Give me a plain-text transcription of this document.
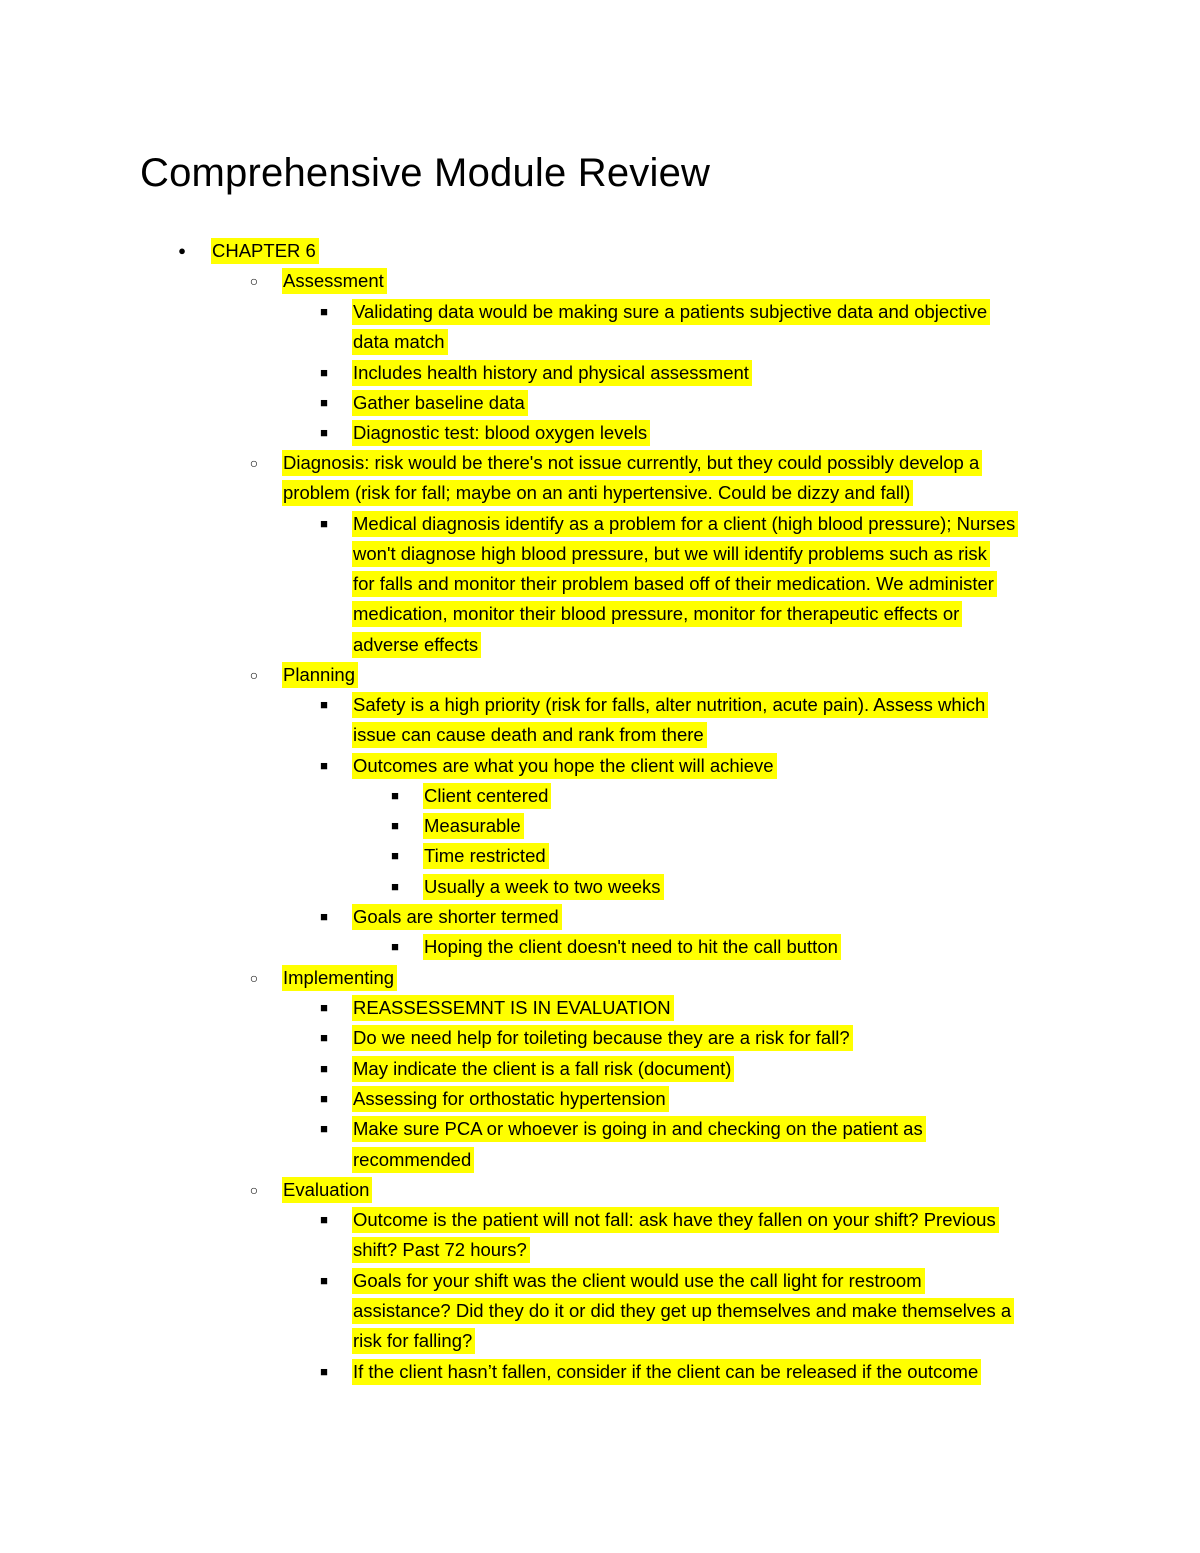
Comprehensive Module Review
●	CHAPTER 6
○	Assessment
■	Validating data would be making sure a patients subjective data and objective
data match
■	Includes health history and physical assessment
■	Gather baseline data
■	Diagnostic test: blood oxygen levels
○	Diagnosis: risk would be there's not issue currently, but they could possibly develop a
problem (risk for fall; maybe on an anti hypertensive. Could be dizzy and fall)
■	Medical diagnosis identify as a problem for a client (high blood pressure); Nurses
won't diagnose high blood pressure, but we will identify problems such as risk
for falls and monitor their problem based off of their medication. We administer
medication, monitor their blood pressure, monitor for therapeutic effects or
adverse effects
○	Planning
■	Safety is a high priority (risk for falls, alter nutrition, acute pain). Assess which
issue can cause death and rank from there
■	Outcomes are what you hope the client will achieve
■	Client centered
■	Measurable
■	Time restricted
■	Usually a week to two weeks
■	Goals are shorter termed
■	Hoping the client doesn't need to hit the call button
○	Implementing
■	REASSESSEMNT IS IN EVALUATION
■	Do we need help for toileting because they are a risk for fall?
■	May indicate the client is a fall risk (document)
■	Assessing for orthostatic hypertension
■	Make sure PCA or whoever is going in and checking on the patient as
recommended
○	Evaluation
■	Outcome is the patient will not fall: ask have they fallen on your shift? Previous
shift? Past 72 hours?
■	Goals for your shift was the client would use the call light for restroom
assistance? Did they do it or did they get up themselves and make themselves a
risk for falling?
■	If the client hasn’t fallen, consider if the client can be released if the outcome
